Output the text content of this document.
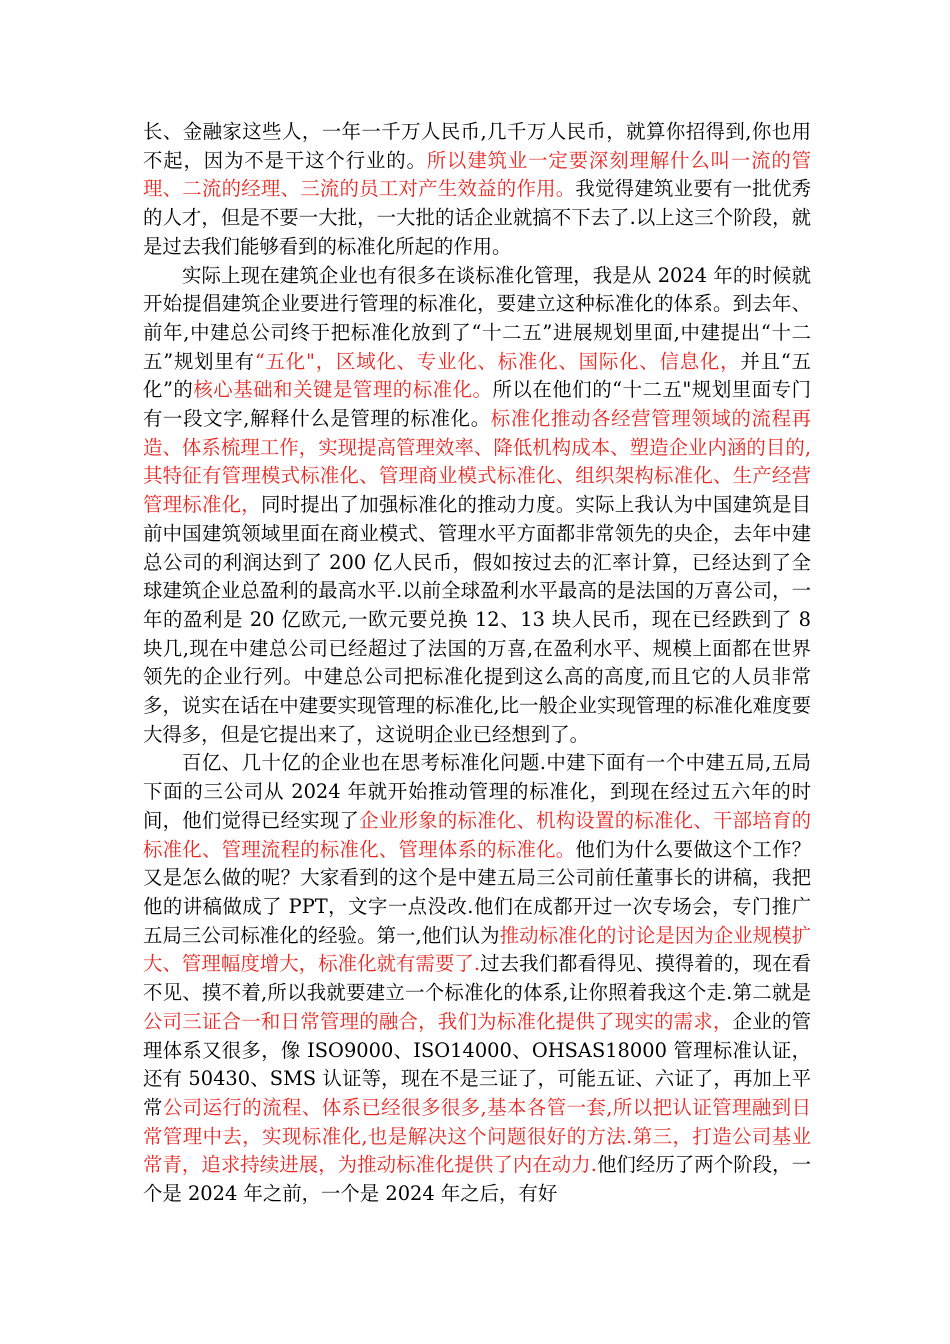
长、金融家这些人，一年一千万人民币,几千万人民币，就算你招得到,你也用不起，因为不是干这个行业的。所以建筑业一定要深刻理解什么叫一流的管理、二流的经理、三流的员工对产生效益的作用。我觉得建筑业要有一批优秀的人才，但是不要一大批，一大批的话企业就搞不下去了.以上这三个阶段，就是过去我们能够看到的标准化所起的作用。

实际上现在建筑企业也有很多在谈标准化管理，我是从 2024 年的时候就开始提倡建筑企业要进行管理的标准化，要建立这种标准化的体系。到去年、前年,中建总公司终于把标准化放到了“十二五”进展规划里面,中建提出“十二五”规划里有“五化"，区域化、专业化、标准化、国际化、信息化，并且“五化”的核心基础和关键是管理的标准化。所以在他们的“十二五"规划里面专门有一段文字,解释什么是管理的标准化。标准化推动各经营管理领域的流程再造、体系梳理工作，实现提高管理效率、降低机构成本、塑造企业内涵的目的,其特征有管理模式标准化、管理商业模式标准化、组织架构标准化、生产经营管理标准化，同时提出了加强标准化的推动力度。实际上我认为中国建筑是目前中国建筑领域里面在商业模式、管理水平方面都非常领先的央企，去年中建总公司的利润达到了 200 亿人民币，假如按过去的汇率计算，已经达到了全球建筑企业总盈利的最高水平.以前全球盈利水平最高的是法国的万喜公司，一年的盈利是 20 亿欧元,一欧元要兑换 12、13 块人民币，现在已经跌到了 8 块几,现在中建总公司已经超过了法国的万喜,在盈利水平、规模上面都在世界领先的企业行列。中建总公司把标准化提到这么高的高度,而且它的人员非常多，说实在话在中建要实现管理的标准化,比一般企业实现管理的标准化难度要大得多，但是它提出来了，这说明企业已经想到了。

百亿、几十亿的企业也在思考标准化问题.中建下面有一个中建五局,五局下面的三公司从 2024 年就开始推动管理的标准化，到现在经过五六年的时间，他们觉得已经实现了企业形象的标准化、机构设置的标准化、干部培育的标准化、管理流程的标准化、管理体系的标准化。他们为什么要做这个工作？又是怎么做的呢？大家看到的这个是中建五局三公司前任董事长的讲稿，我把他的讲稿做成了 PPT，文字一点没改.他们在成都开过一次专场会，专门推广五局三公司标准化的经验。第一,他们认为推动标准化的讨论是因为企业规模扩大、管理幅度增大，标准化就有需要了.过去我们都看得见、摸得着的，现在看不见、摸不着,所以我就要建立一个标准化的体系,让你照着我这个走.第二就是公司三证合一和日常管理的融合，我们为标准化提供了现实的需求，企业的管理体系又很多，像 ISO9000、ISO14000、OHSAS18000 管理标准认证，还有 50430、SMS 认证等，现在不是三证了，可能五证、六证了，再加上平常公司运行的流程、体系已经很多很多,基本各管一套,所以把认证管理融到日常管理中去，实现标准化,也是解决这个问题很好的方法.第三，打造公司基业常青，追求持续进展，为推动标准化提供了内在动力.他们经历了两个阶段，一个是 2024 年之前，一个是 2024 年之后，有好
